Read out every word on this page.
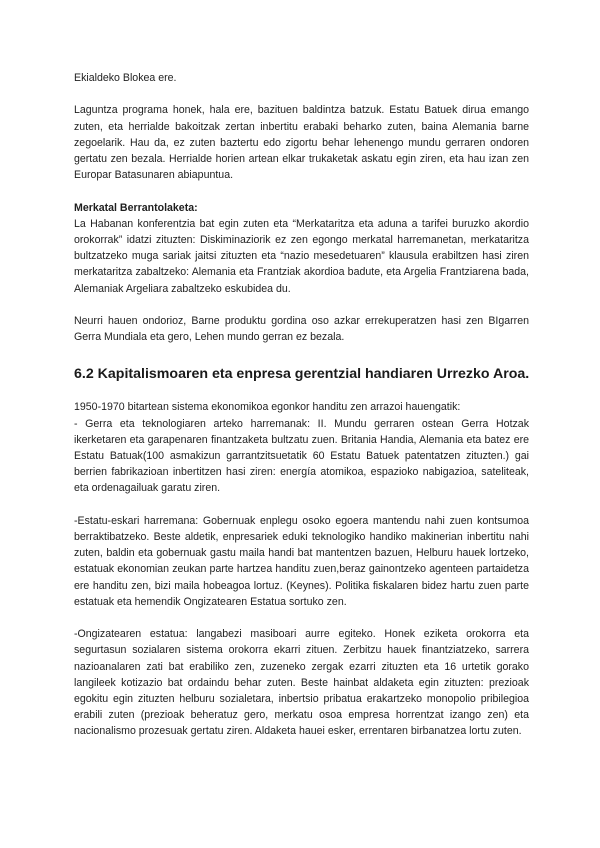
Ekialdeko Blokea ere.

Laguntza programa honek, hala ere, bazituen baldintza batzuk. Estatu Batuek dirua emango zuten, eta herrialde bakoitzak zertan inbertitu erabaki beharko zuten, baina Alemania barne zegoelarik. Hau da, ez zuten baztertu edo zigortu behar lehenengo mundu gerraren ondoren gertatu zen bezala. Herrialde horien artean elkar trukaketak askatu egin ziren, eta hau izan zen Europar Batasunaren abiapuntua.

Merkatal Berrantolaketa:

La Habanan konferentzia bat egin zuten eta “Merkataritza eta aduna a tarifei buruzko akordio orokorrak” idatzi zituzten: Diskiminaziorik ez zen egongo merkatal harremanetan, merkataritza bultzatzeko muga sariak jaitsi zituzten eta “nazio mesedetuaren” klausula erabiltzen hasi ziren merkataritza zabaltzeko: Alemania eta Frantziak akordioa badute, eta Argelia Frantziarena bada, Alemaniak Argeliara zabaltzeko eskubidea du.

Neurri hauen ondorioz, Barne produktu gordina oso azkar errekuperatzen hasi zen BIgarren Gerra Mundiala eta gero, Lehen mundo gerran ez bezala.

6.2 Kapitalismoaren eta enpresa gerentzial handiaren Urrezko Aroa.

1950-1970 bitartean sistema ekonomikoa egonkor handitu zen arrazoi hauengatik:

- Gerra eta teknologiaren arteko harremanak: II. Mundu gerraren ostean Gerra Hotzak ikerketaren eta garapenaren finantzaketa bultzatu zuen. Britania Handia, Alemania eta batez ere Estatu Batuak(100 asmakizun garrantzitsuetatik 60 Estatu Batuek patentatzen zituzten.) gai berrien fabrikazioan inbertitzen hasi ziren: energía atomikoa, espazioko nabigazioa, sateliteak, eta ordenagailuak garatu ziren.

-Estatu-eskari harremana: Gobernuak enplegu osoko egoera mantendu nahi zuen kontsumoa berraktibatzeko. Beste aldetik, enpresariek eduki teknologiko handiko makinerian inbertitu nahi zuten, baldin eta gobernuak gastu maila handi bat mantentzen bazuen, Helburu hauek lortzeko, estatuak ekonomian zeukan parte hartzea handitu zuen,beraz gainontzeko agenteen partaidetza ere handitu zen, bizi maila hobeagoa lortuz. (Keynes). Politika fiskalaren bidez hartu zuen parte estatuak eta hemendik Ongizatearen Estatua sortuko zen.

-Ongizatearen estatua: langabezi masiboari aurre egiteko. Honek eziketa orokorra eta segurtasun sozialaren sistema orokorra ekarri zituen. Zerbitzu hauek finantziatzeko, sarrera nazioanalaren zati bat erabiliko zen, zuzeneko zergak ezarri zituzten eta 16 urtetik gorako langileek kotizazio bat ordaindu behar zuten. Beste hainbat aldaketa egin zituzten: prezioak egokitu egin zituzten helburu sozialetara, inbertsio pribatua erakartzeko monopolio pribilegioa erabili zuten (prezioak beheratuz gero, merkatu osoa empresa horrentzat izango zen) eta nacionalismo prozesuak gertatu ziren. Aldaketa hauei esker, errentaren birbanatzea lortu zuten.
